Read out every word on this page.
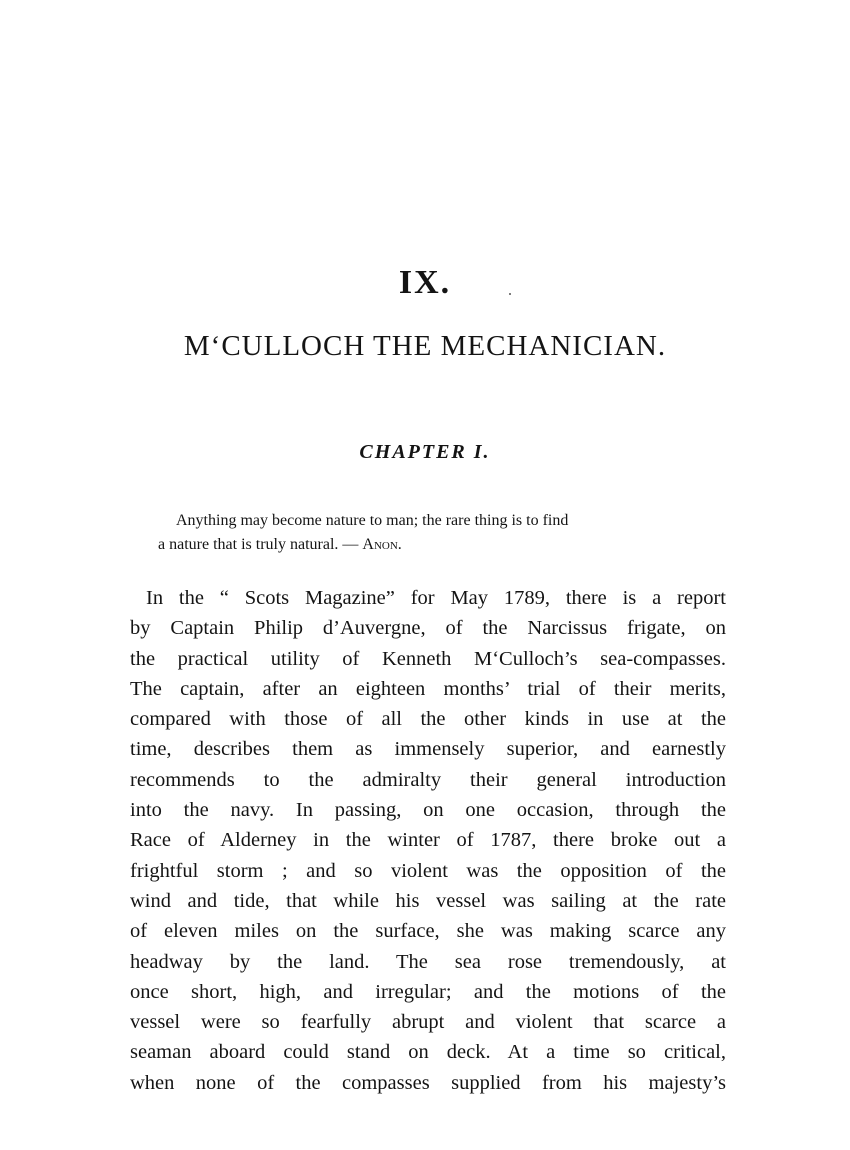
IX.
M‘CULLOCH THE MECHANICIAN.
CHAPTER I.
Anything may become nature to man; the rare thing is to find
a nature that is truly natural. — Anon.
In the “ Scots Magazine” for May 1789, there is a report
by Captain Philip d’Auvergne, of the Narcissus frigate, on
the practical utility of Kenneth M‘Culloch’s sea-compasses.
The captain, after an eighteen months’ trial of their merits,
compared with those of all the other kinds in use at the
time, describes them as immensely superior, and earnestly
recommends to the admiralty their general introduction
into the navy. In passing, on one occasion, through the
Race of Alderney in the winter of 1787, there broke out a
frightful storm ; and so violent was the opposition of the
wind and tide, that while his vessel was sailing at the rate
of eleven miles on the surface, she was making scarce any
headway by the land. The sea rose tremendously, at
once short, high, and irregular; and the motions of the
vessel were so fearfully abrupt and violent that scarce a
seaman aboard could stand on deck. At a time so critical,
when none of the compasses supplied from his majesty’s
